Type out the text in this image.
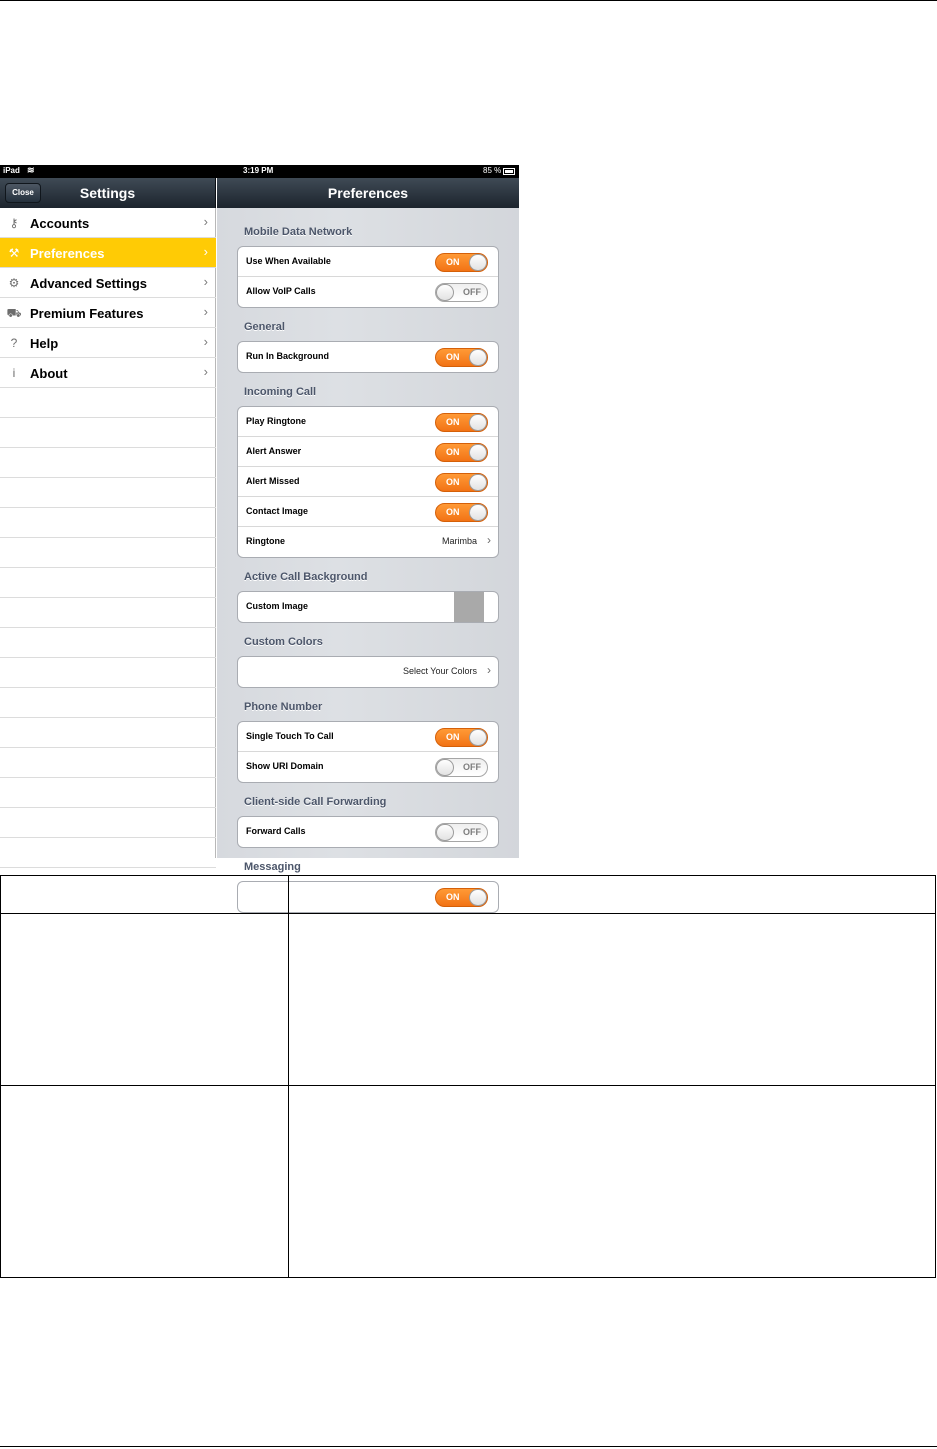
iPad ≋	3:19 PM	85 %
Close	Settings	Preferences
⚷ Accounts	›
⚒ Preferences	›
⚙ Advanced Settings	›
⛟ Premium Features	›
? Help	›
i	About	›
Mobile Data Network
Use When Available	ON
Allow VoIP Calls	OFF
General
Run In Background	ON
Incoming Call
Play Ringtone	ON
Alert Answer	ON
Alert Missed	ON
Contact Image	ON
Ringtone	Marimba ›
Active Call Background
Custom Image
Custom Colors
Select Your Colors ›
Phone Number
Single Touch To Call	ON
Show URI Domain	OFF
Client-side Call Forwarding
Forward Calls	OFF
Messaging
ON
